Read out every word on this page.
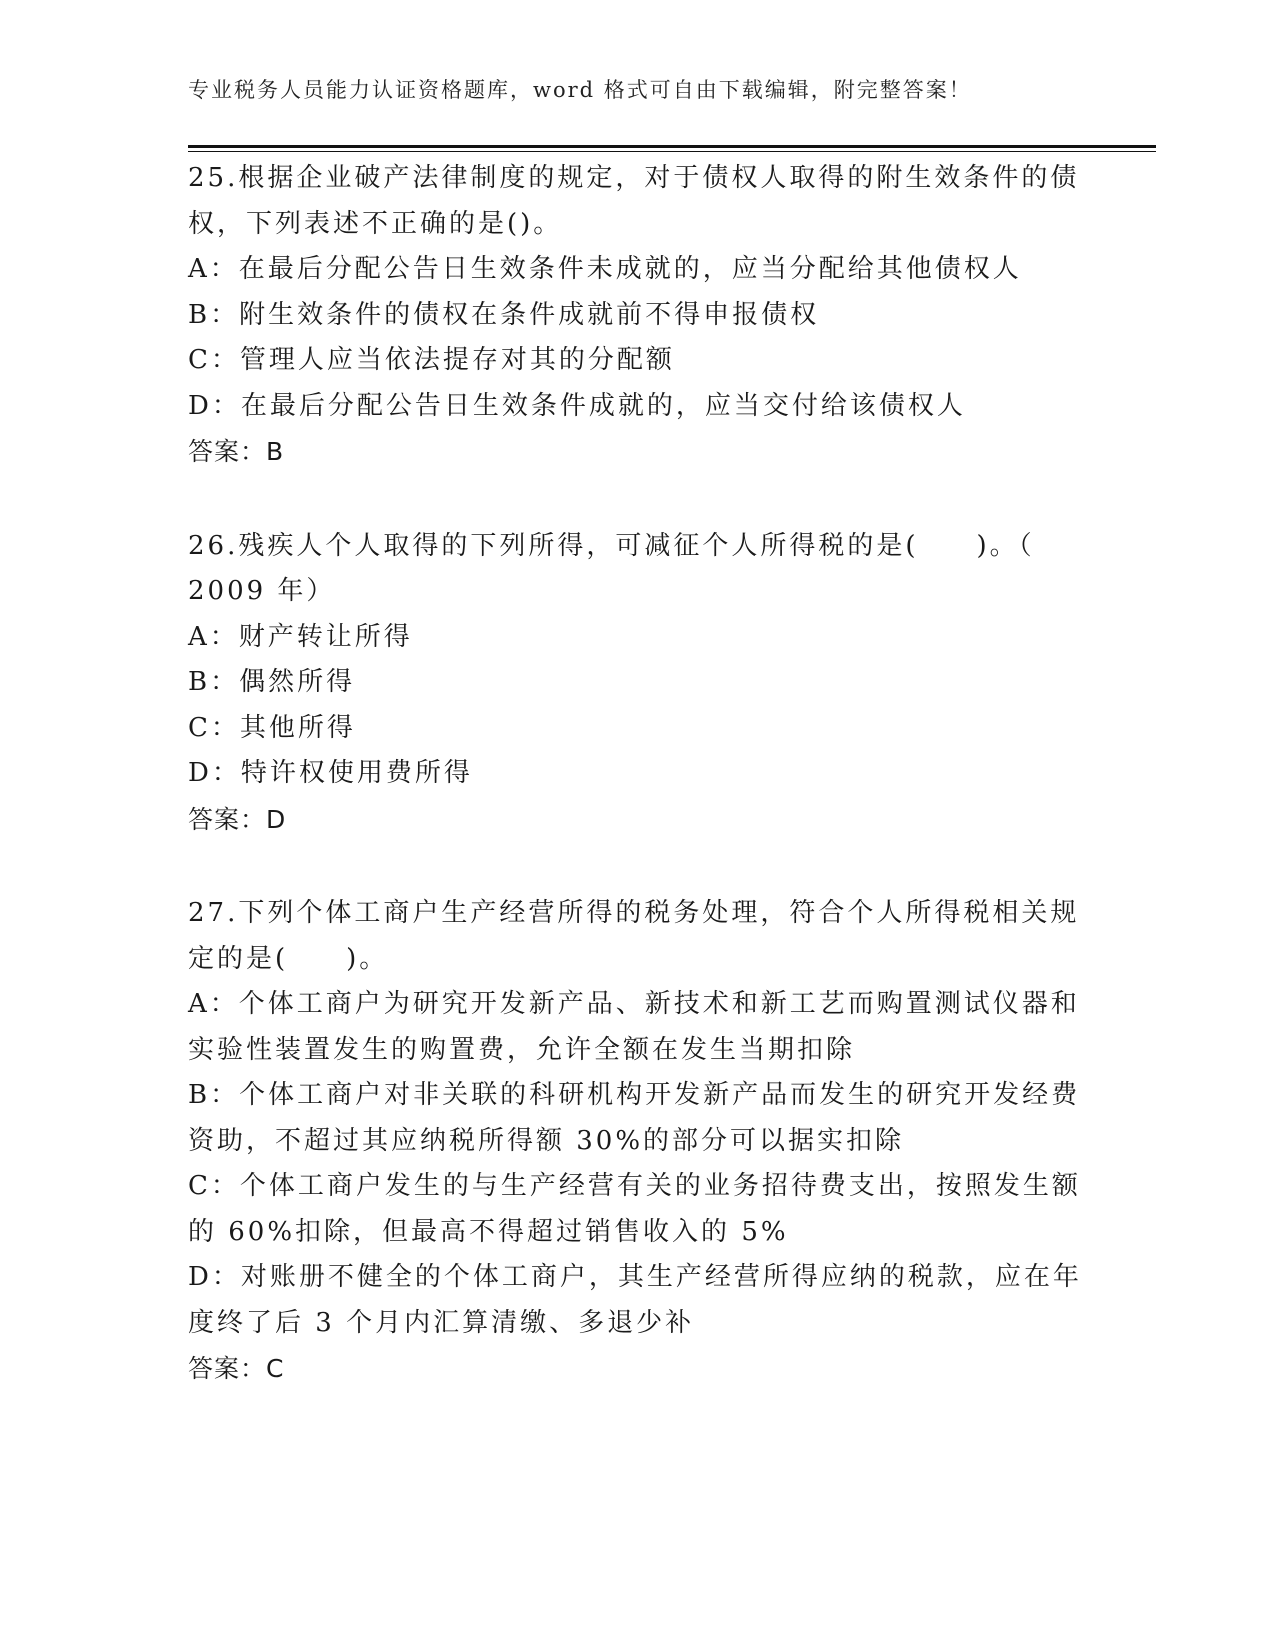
专业税务人员能力认证资格题库，word 格式可自由下载编辑，附完整答案！
25.根据企业破产法律制度的规定，对于债权人取得的附生效条件的债
权，下列表述不正确的是()。
A：在最后分配公告日生效条件未成就的，应当分配给其他债权人
B：附生效条件的债权在条件成就前不得申报债权
C：管理人应当依法提存对其的分配额
D：在最后分配公告日生效条件成就的，应当交付给该债权人
答案：B
26.残疾人个人取得的下列所得，可减征个人所得税的是(　　)。（
2009 年）
A：财产转让所得
B：偶然所得
C：其他所得
D：特许权使用费所得
答案：D
27.下列个体工商户生产经营所得的税务处理，符合个人所得税相关规
定的是(　　)。
A：个体工商户为研究开发新产品、新技术和新工艺而购置测试仪器和
实验性装置发生的购置费，允许全额在发生当期扣除
B：个体工商户对非关联的科研机构开发新产品而发生的研究开发经费
资助，不超过其应纳税所得额 30%的部分可以据实扣除
C：个体工商户发生的与生产经营有关的业务招待费支出，按照发生额
的 60%扣除，但最高不得超过销售收入的 5%
D：对账册不健全的个体工商户，其生产经营所得应纳的税款，应在年
度终了后 3 个月内汇算清缴、多退少补
答案：C
